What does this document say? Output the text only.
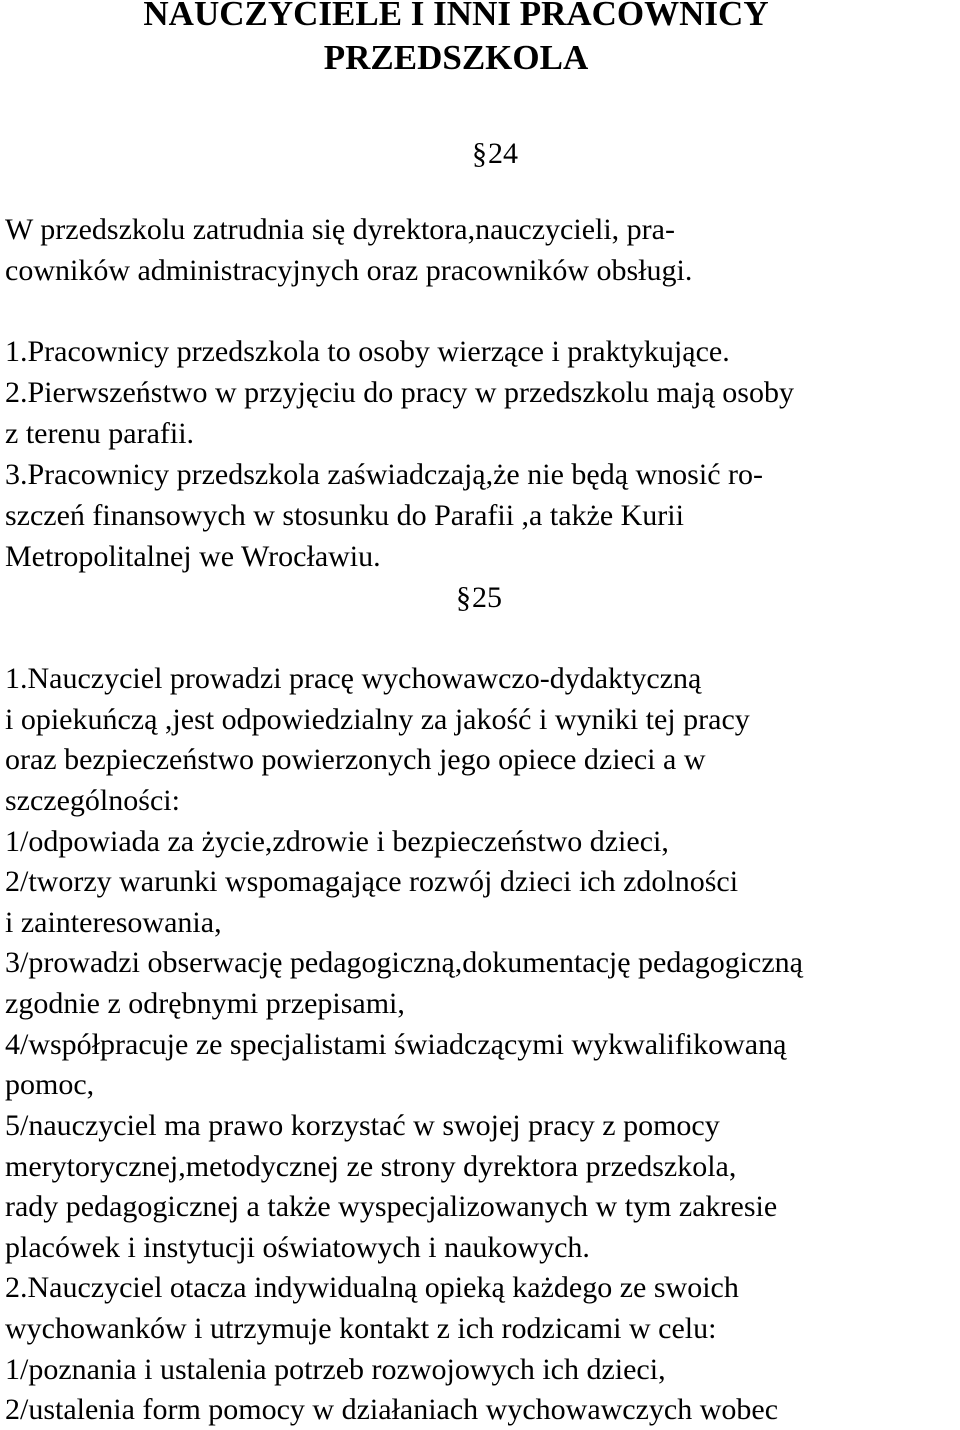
NAUCZYCIELE I INNI PRACOWNICY
PRZEDSZKOLA
§24
W przedszkolu zatrudnia się dyrektora,nauczycieli, pra-
cowników administracyjnych oraz pracowników obsługi.
1.Pracownicy przedszkola to osoby wierzące i praktykujące.
2.Pierwszeństwo w przyjęciu do pracy w przedszkolu mają osoby
z terenu parafii.
3.Pracownicy przedszkola zaświadczają,że nie będą wnosić ro-
szczeń finansowych w stosunku do Parafii ,a także Kurii
Metropolitalnej we Wrocławiu.
§25
1.Nauczyciel prowadzi pracę wychowawczo-dydaktyczną
i opiekuńczą ,jest odpowiedzialny za jakość i wyniki tej pracy
oraz bezpieczeństwo powierzonych jego opiece dzieci a w
szczególności:
1/odpowiada za życie,zdrowie i bezpieczeństwo dzieci,
2/tworzy warunki wspomagające rozwój dzieci ich zdolności
i zainteresowania,
3/prowadzi obserwację pedagogiczną,dokumentację pedagogiczną
zgodnie z odrębnymi przepisami,
4/współpracuje ze specjalistami świadczącymi wykwalifikowaną
pomoc,
5/nauczyciel ma prawo korzystać w swojej pracy z pomocy
merytorycznej,metodycznej ze strony dyrektora przedszkola,
rady pedagogicznej a także wyspecjalizowanych w tym zakresie
placówek i instytucji oświatowych i naukowych.
2.Nauczyciel otacza indywidualną opieką każdego ze swoich
wychowanków i utrzymuje kontakt z ich rodzicami w celu:
1/poznania i ustalenia potrzeb rozwojowych ich dzieci,
2/ustalenia form pomocy w działaniach wychowawczych wobec
